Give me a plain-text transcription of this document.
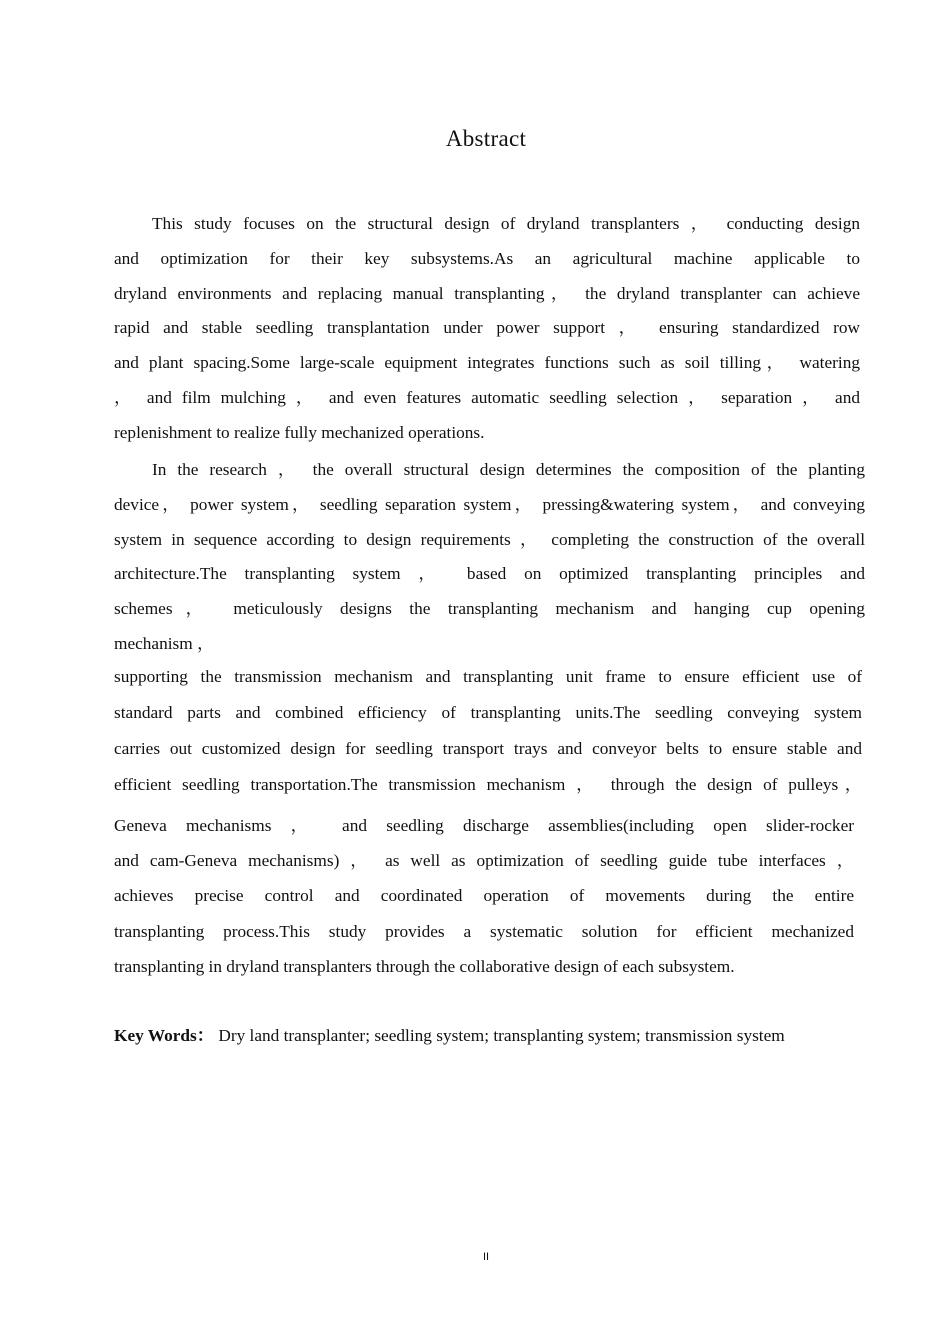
Abstract

This study focuses on the structural design of dryland transplanters ， conducting design
and optimization for their key subsystems.As an agricultural machine applicable to
dryland environments and replacing manual transplanting， the dryland transplanter can achieve
rapid and stable seedling transplantation under power support ， ensuring standardized row
and plant spacing.Some large-scale equipment integrates functions such as soil tilling， watering
， and film mulching ， and even features automatic seedling selection ， separation ， and
replenishment to realize fully mechanized operations.

In the research ， the overall structural design determines the composition of the planting
device， power system， seedling separation system， pressing&watering system， and conveying
system in sequence according to design requirements ， completing the construction of the overall
architecture.The transplanting system ， based on optimized transplanting principles and
schemes， meticulously designs the transplanting mechanism and hanging cup opening
mechanism ，

supporting the transmission mechanism and transplanting unit frame to ensure efficient use of
standard parts and combined efficiency of transplanting units.The seedling conveying system
carries out customized design for seedling transport trays and conveyor belts to ensure stable and
efficient seedling transportation.The transmission mechanism ， through the design of pulleys，

Geneva mechanisms ， and seedling discharge assemblies(including open slider-rocker
and cam-Geneva mechanisms) ， as well as optimization of seedling guide tube interfaces ，
achieves precise control and coordinated operation of movements during the entire
transplanting process.This study provides a systematic solution for efficient mechanized
transplanting in dryland transplanters through the collaborative design of each subsystem.

Key Words： Dry land transplanter; seedling system; transplanting system; transmission system
II
